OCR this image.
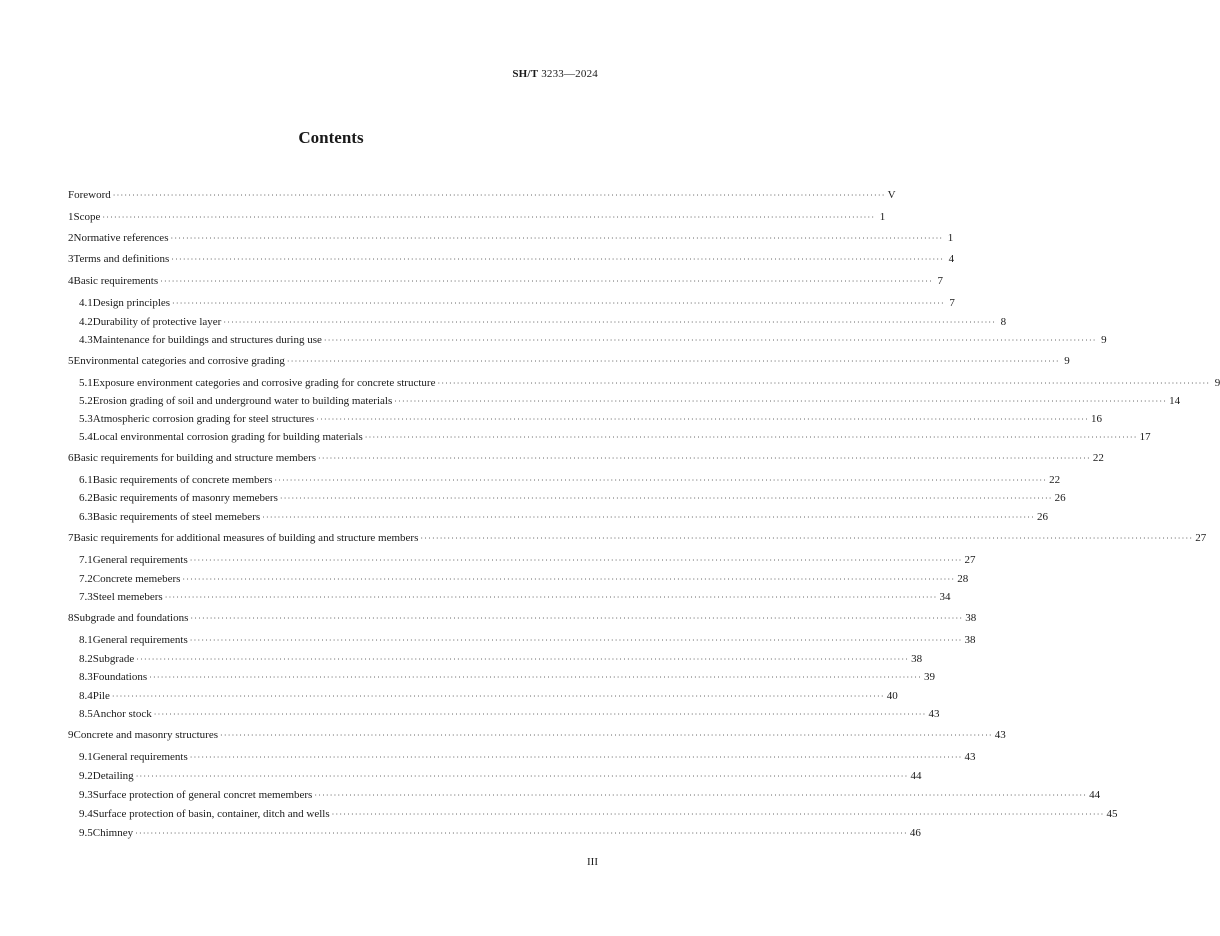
SH/T 3233—2024
Contents
Foreword ········································································································································································································ V
1 Scope ········································································································································································································ 1
2 Normative references ········································································································································································································ 1
3 Terms and definitions ········································································································································································································ 4
4 Basic requirements ········································································································································································································ 7
4.1 Design principles ········································································································································································································ 7
4.2 Durability of protective layer ········································································································································································································ 8
4.3 Maintenance for buildings and structures during use ········································································································································································································ 9
5 Environmental categories and corrosive grading ········································································································································································································ 9
5.1 Exposure environment categories and corrosive grading for concrete structure ········································································································································································································ 9
5.2 Erosion grading of soil and underground water to building materials ········································································································································································································ 14
5.3 Atmospheric corrosion grading for steel structures ········································································································································································································ 16
5.4 Local environmental corrosion grading for building materials ········································································································································································································ 17
6 Basic requirements for building and structure members ········································································································································································································ 22
6.1 Basic requirements of concrete members ········································································································································································································ 22
6.2 Basic requirements of masonry memebers ········································································································································································································ 26
6.3 Basic requirements of steel memebers ········································································································································································································ 26
7 Basic requirements for additional measures of building and structure members ········································································································································································································ 27
7.1 General requirements ········································································································································································································ 27
7.2 Concrete memebers ········································································································································································································ 28
7.3 Steel memebers ········································································································································································································ 34
8 Subgrade and foundations ········································································································································································································ 38
8.1 General requirements ········································································································································································································ 38
8.2 Subgrade ········································································································································································································ 38
8.3 Foundations ········································································································································································································ 39
8.4 Pile ········································································································································································································ 40
8.5 Anchor stock ········································································································································································································ 43
9 Concrete and masonry structures ········································································································································································································ 43
9.1 General requirements ········································································································································································································ 43
9.2 Detailing ········································································································································································································ 44
9.3 Surface protection of general concret memembers ········································································································································································································ 44
9.4 Surface protection of basin, container, ditch and wells ········································································································································································································ 45
9.5 Chimney ········································································································································································································ 46
III
